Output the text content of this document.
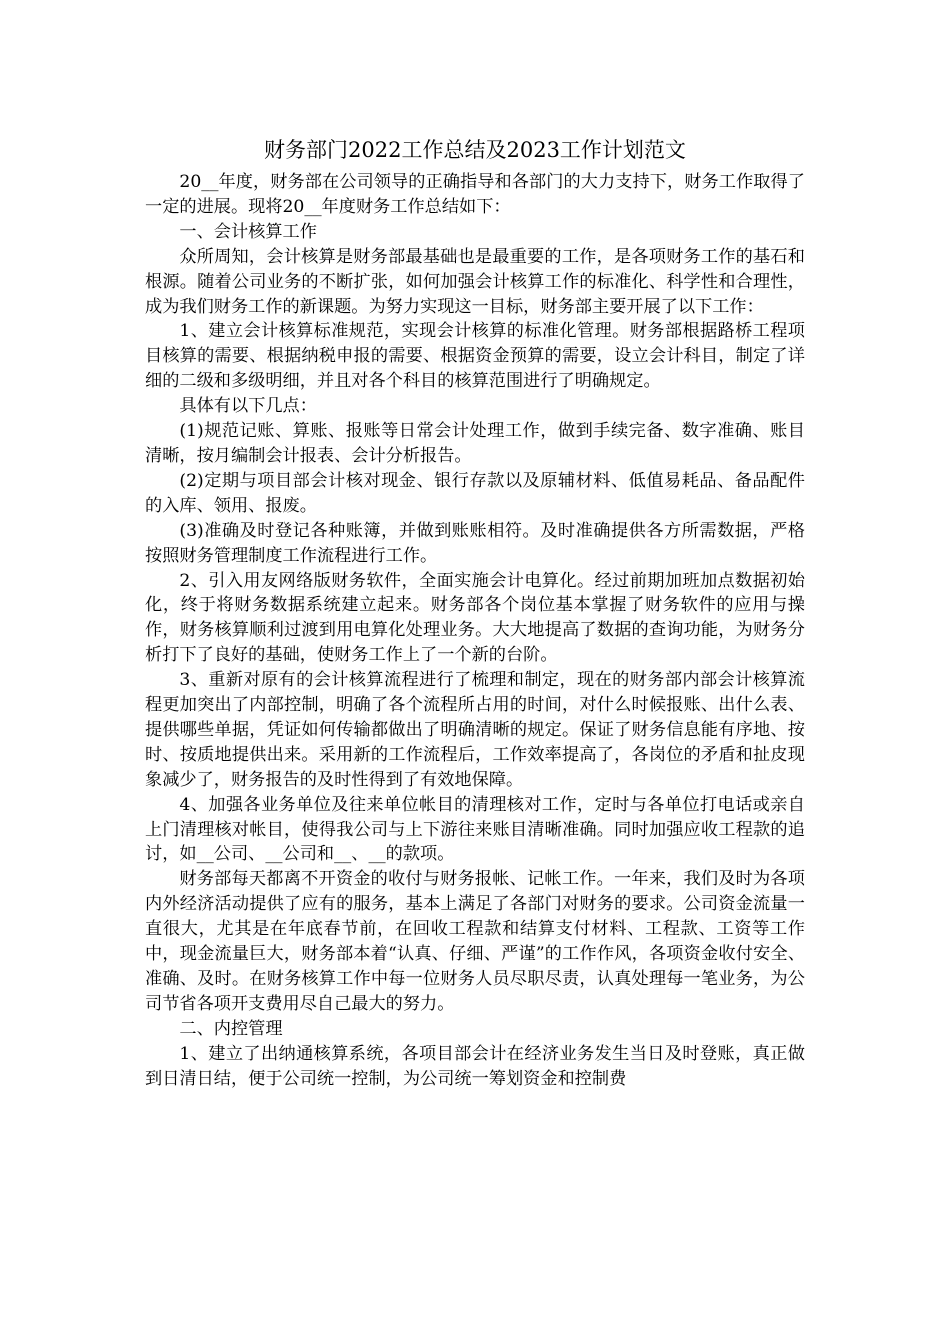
财务部门2022工作总结及2023工作计划范文

20__年度，财务部在公司领导的正确指导和各部门的大力支持下，财务工作取得了一定的进展。现将20__年度财务工作总结如下：

一、会计核算工作

众所周知，会计核算是财务部最基础也是最重要的工作，是各项财务工作的基石和根源。随着公司业务的不断扩张，如何加强会计核算工作的标准化、科学性和合理性，成为我们财务工作的新课题。为努力实现这一目标，财务部主要开展了以下工作：

1、建立会计核算标准规范，实现会计核算的标准化管理。财务部根据路桥工程项目核算的需要、根据纳税申报的需要、根据资金预算的需要，设立会计科目，制定了详细的二级和多级明细，并且对各个科目的核算范围进行了明确规定。

具体有以下几点：

(1)规范记账、算账、报账等日常会计处理工作，做到手续完备、数字准确、账目清晰，按月编制会计报表、会计分析报告。

(2)定期与项目部会计核对现金、银行存款以及原辅材料、低值易耗品、备品配件的入库、领用、报废。

(3)准确及时登记各种账簿，并做到账账相符。及时准确提供各方所需数据，严格按照财务管理制度工作流程进行工作。

2、引入用友网络版财务软件，全面实施会计电算化。经过前期加班加点数据初始化，终于将财务数据系统建立起来。财务部各个岗位基本掌握了财务软件的应用与操作，财务核算顺利过渡到用电算化处理业务。大大地提高了数据的查询功能，为财务分析打下了良好的基础，使财务工作上了一个新的台阶。

3、重新对原有的会计核算流程进行了梳理和制定，现在的财务部内部会计核算流程更加突出了内部控制，明确了各个流程所占用的时间，对什么时候报账、出什么表、提供哪些单据，凭证如何传输都做出了明确清晰的规定。保证了财务信息能有序地、按时、按质地提供出来。采用新的工作流程后，工作效率提高了，各岗位的矛盾和扯皮现象减少了，财务报告的及时性得到了有效地保障。

4、加强各业务单位及往来单位帐目的清理核对工作，定时与各单位打电话或亲自上门清理核对帐目，使得我公司与上下游往来账目清晰准确。同时加强应收工程款的追讨，如__公司、__公司和__、__的款项。

财务部每天都离不开资金的收付与财务报帐、记帐工作。一年来，我们及时为各项内外经济活动提供了应有的服务，基本上满足了各部门对财务的要求。公司资金流量一直很大，尤其是在年底春节前，在回收工程款和结算支付材料、工程款、工资等工作中，现金流量巨大，财务部本着“认真、仔细、严谨”的工作作风，各项资金收付安全、准确、及时。在财务核算工作中每一位财务人员尽职尽责，认真处理每一笔业务，为公司节省各项开支费用尽自己最大的努力。

二、内控管理

1、建立了出纳通核算系统，各项目部会计在经济业务发生当日及时登账，真正做到日清日结，便于公司统一控制，为公司统一筹划资金和控制费
